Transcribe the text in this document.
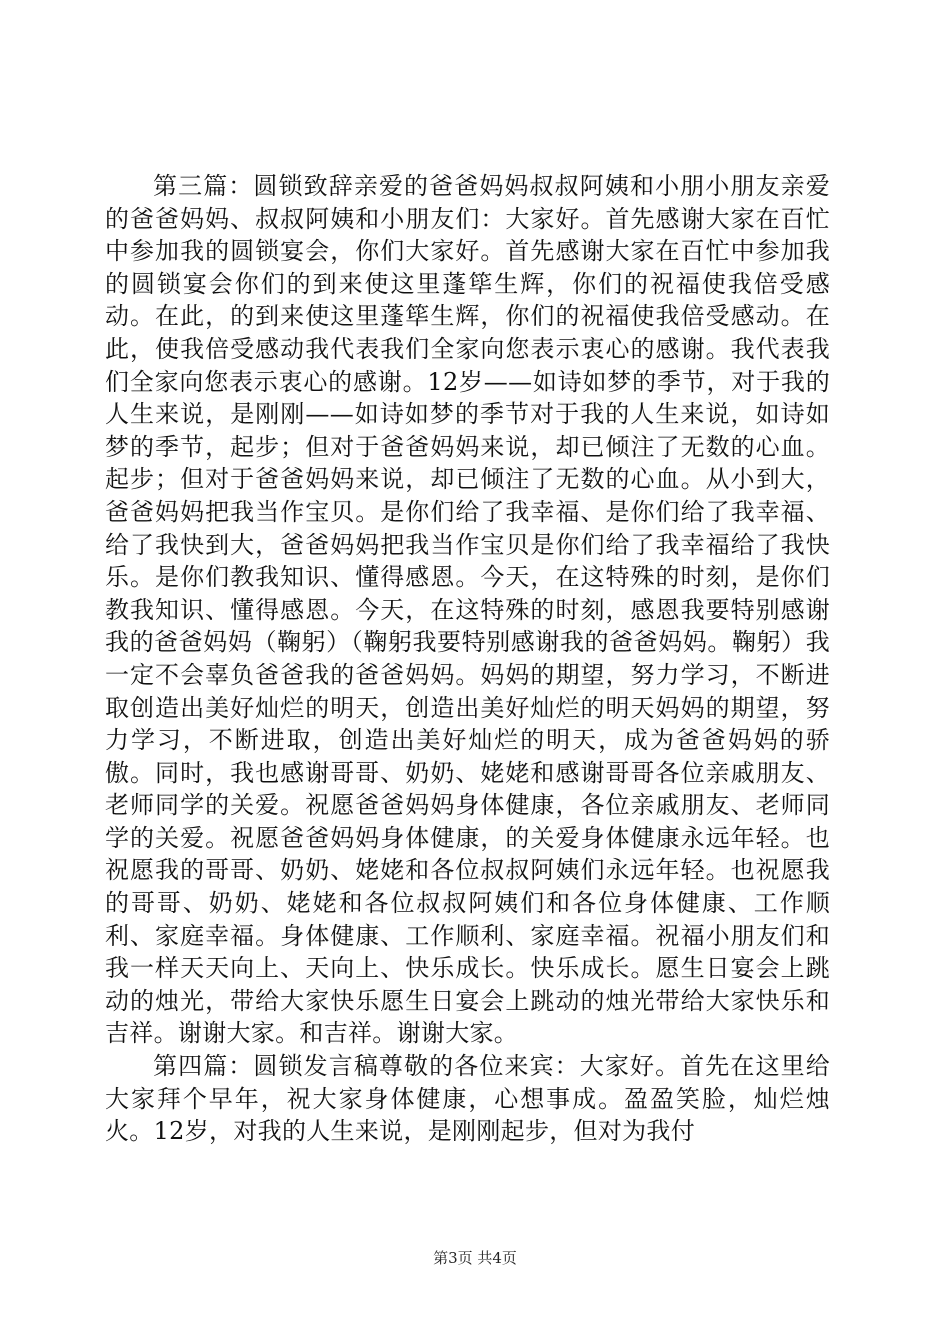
第三篇：圆锁致辞亲爱的爸爸妈妈叔叔阿姨和小朋小朋友亲爱的爸爸妈妈、叔叔阿姨和小朋友们：大家好。首先感谢大家在百忙中参加我的圆锁宴会，你们大家好。首先感谢大家在百忙中参加我的圆锁宴会你们的到来使这里蓬筚生辉，你们的祝福使我倍受感动。在此，的到来使这里蓬筚生辉，你们的祝福使我倍受感动。在此，使我倍受感动我代表我们全家向您表示衷心的感谢。我代表我们全家向您表示衷心的感谢。12岁——如诗如梦的季节，对于我的人生来说，是刚刚——如诗如梦的季节对于我的人生来说，如诗如梦的季节，起步；但对于爸爸妈妈来说，却已倾注了无数的心血。起步；但对于爸爸妈妈来说，却已倾注了无数的心血。从小到大，爸爸妈妈把我当作宝贝。是你们给了我幸福、是你们给了我幸福、给了我快到大，爸爸妈妈把我当作宝贝是你们给了我幸福给了我快乐。是你们教我知识、懂得感恩。今天，在这特殊的时刻，是你们教我知识、懂得感恩。今天，在这特殊的时刻，感恩我要特别感谢我的爸爸妈妈（鞠躬）（鞠躬我要特别感谢我的爸爸妈妈。鞠躬）我一定不会辜负爸爸我的爸爸妈妈。妈妈的期望，努力学习，不断进取创造出美好灿烂的明天，创造出美好灿烂的明天妈妈的期望，努力学习，不断进取，创造出美好灿烂的明天，成为爸爸妈妈的骄傲。同时，我也感谢哥哥、奶奶、姥姥和感谢哥哥各位亲戚朋友、老师同学的关爱。祝愿爸爸妈妈身体健康，各位亲戚朋友、老师同学的关爱。祝愿爸爸妈妈身体健康，的关爱身体健康永远年轻。也祝愿我的哥哥、奶奶、姥姥和各位叔叔阿姨们永远年轻。也祝愿我的哥哥、奶奶、姥姥和各位叔叔阿姨们和各位身体健康、工作顺利、家庭幸福。身体健康、工作顺利、家庭幸福。祝福小朋友们和我一样天天向上、天向上、快乐成长。快乐成长。愿生日宴会上跳动的烛光，带给大家快乐愿生日宴会上跳动的烛光带给大家快乐和吉祥。谢谢大家。和吉祥。谢谢大家。

第四篇：圆锁发言稿尊敬的各位来宾：大家好。首先在这里给大家拜个早年，祝大家身体健康，心想事成。盈盈笑脸，灿烂烛火。12岁，对我的人生来说，是刚刚起步，但对为我付

第3页 共4页
